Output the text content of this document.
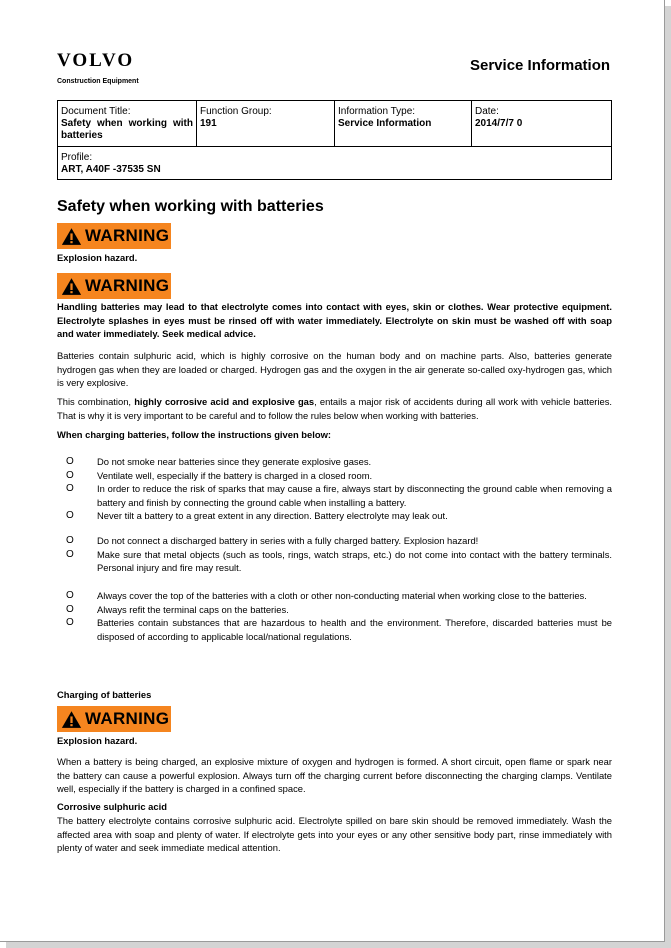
VOLVO
Construction Equipment
Service Information
Document Title:
Safety when working with batteries

Function Group:
191

Information Type:
Service Information

Date:
2014/7/7 0

Profile:
ART, A40F -37535 SN
Safety when working with batteries
WARNING
Explosion hazard.
WARNING
Handling batteries may lead to that electrolyte comes into contact with eyes, skin or clothes. Wear protective equipment. Electrolyte splashes in eyes must be rinsed off with water immediately. Electrolyte on skin must be washed off with soap and water immediately. Seek medical advice.
Batteries contain sulphuric acid, which is highly corrosive on the human body and on machine parts. Also, batteries generate hydrogen gas when they are loaded or charged. Hydrogen gas and the oxygen in the air generate so-called oxy-hydrogen gas, which is very explosive.
This combination, highly corrosive acid and explosive gas, entails a major risk of accidents during all work with vehicle batteries. That is why it is very important to be careful and to follow the rules below when working with batteries.
When charging batteries, follow the instructions given below:
O Do not smoke near batteries since they generate explosive gases.
O Ventilate well, especially if the battery is charged in a closed room.
O In order to reduce the risk of sparks that may cause a fire, always start by disconnecting the ground cable when removing a battery and finish by connecting the ground cable when installing a battery.
O Never tilt a battery to a great extent in any direction. Battery electrolyte may leak out.
O Do not connect a discharged battery in series with a fully charged battery. Explosion hazard!
O Make sure that metal objects (such as tools, rings, watch straps, etc.) do not come into contact with the battery terminals. Personal injury and fire may result.
O Always cover the top of the batteries with a cloth or other non-conducting material when working close to the batteries.
O Always refit the terminal caps on the batteries.
O Batteries contain substances that are hazardous to health and the environment. Therefore, discarded batteries must be disposed of according to applicable local/national regulations.
Charging of batteries
WARNING
Explosion hazard.
When a battery is being charged, an explosive mixture of oxygen and hydrogen is formed. A short circuit, open flame or spark near the battery can cause a powerful explosion. Always turn off the charging current before disconnecting the charging clamps. Ventilate well, especially if the battery is charged in a confined space.
Corrosive sulphuric acid
The battery electrolyte contains corrosive sulphuric acid. Electrolyte spilled on bare skin should be removed immediately. Wash the affected area with soap and plenty of water. If electrolyte gets into your eyes or any other sensitive body part, rinse immediately with plenty of water and seek immediate medical attention.
